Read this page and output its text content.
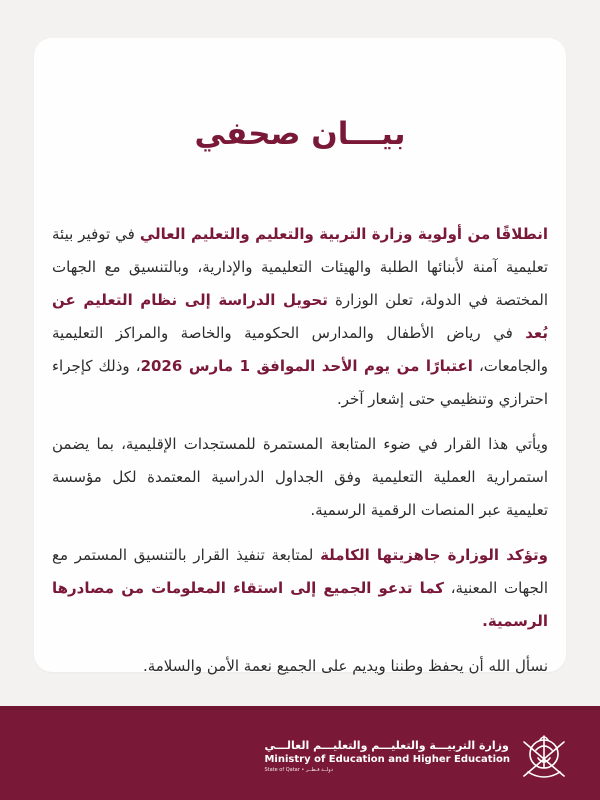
بيـــان صحفي

انطلاقًا من أولوية وزارة التربية والتعليم والتعليم العالي في توفير بيئة تعليمية آمنة لأبنائها الطلبة والهيئات التعليمية والإدارية، وبالتنسيق مع الجهات المختصة في الدولة، تعلن الوزارة تحويل الدراسة إلى نظام التعليم عن بُعد في رياض الأطفال والمدارس الحكومية والخاصة والمراكز التعليمية والجامعات، اعتبارًا من يوم الأحد الموافق 1 مارس 2026، وذلك كإجراء احترازي وتنظيمي حتى إشعار آخر.

ويأتي هذا القرار في ضوء المتابعة المستمرة للمستجدات الإقليمية، بما يضمن استمرارية العملية التعليمية وفق الجداول الدراسية المعتمدة لكل مؤسسة تعليمية عبر المنصات الرقمية الرسمية.

وتؤكد الوزارة جاهزيتها الكاملة لمتابعة تنفيذ القرار بالتنسيق المستمر مع الجهات المعنية، كما تدعو الجميع إلى استقاء المعلومات من مصادرها الرسمية.

نسأل الله أن يحفظ وطننا ويديم على الجميع نعمة الأمن والسلامة.

وزارة التربيـــة والتعليـــم والتعليـــم العالـــي
Ministry of Education and Higher Education
State of Qatar • دولــة قـطــر
